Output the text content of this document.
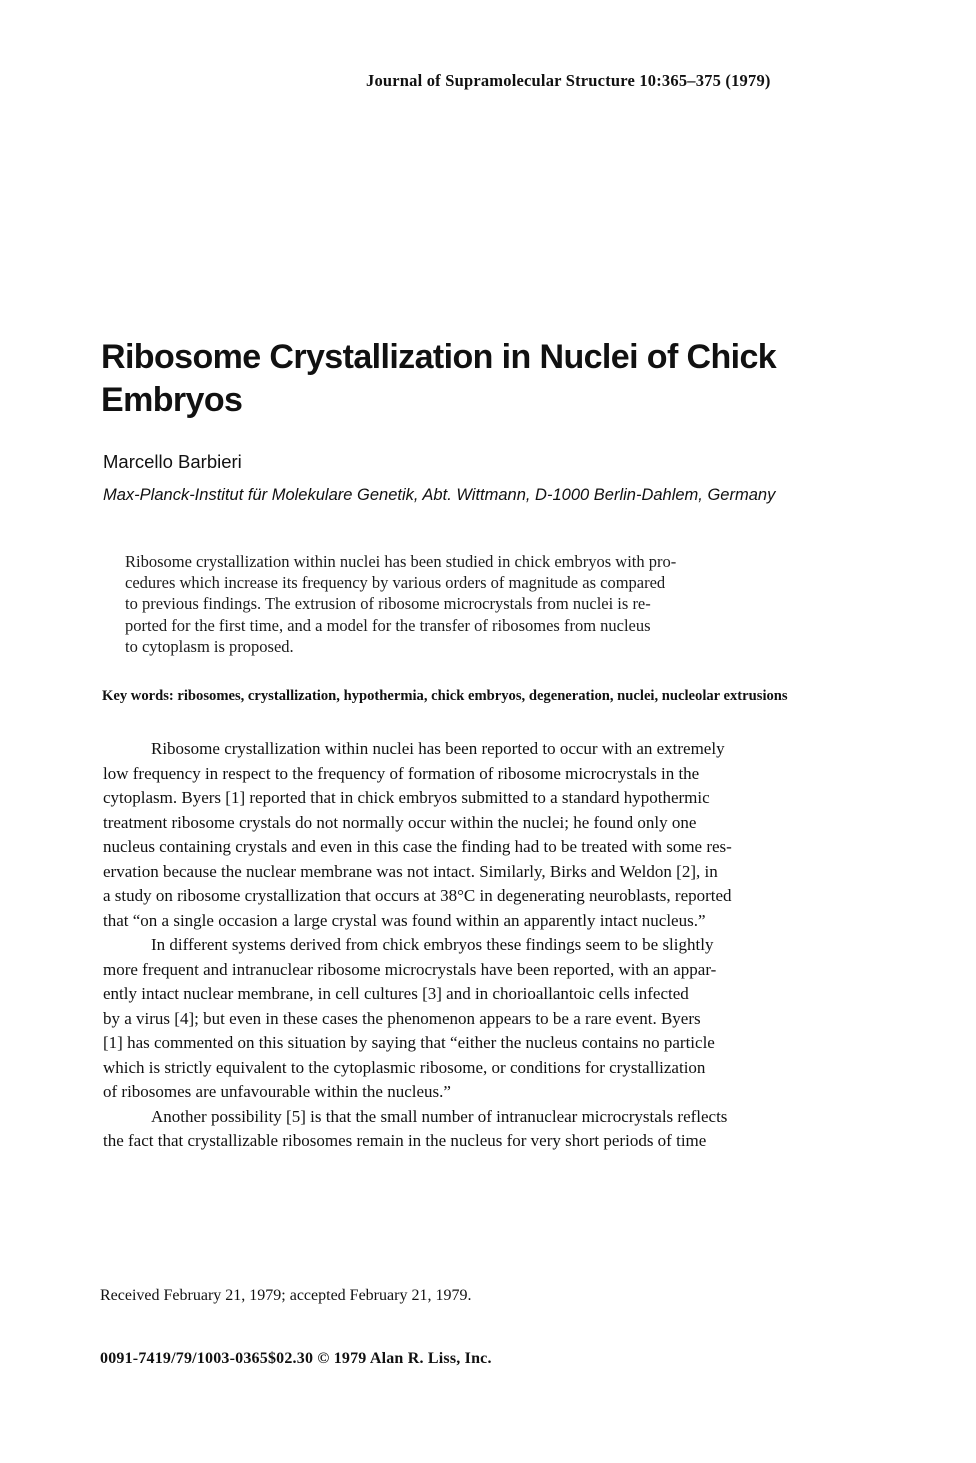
Journal of Supramolecular Structure 10:365–375 (1979)
Ribosome Crystallization in Nuclei of Chick Embryos
Marcello Barbieri
Max-Planck-Institut für Molekulare Genetik, Abt. Wittmann, D-1000 Berlin-Dahlem, Germany
Ribosome crystallization within nuclei has been studied in chick embryos with pro-
cedures which increase its frequency by various orders of magnitude as compared
to previous findings. The extrusion of ribosome microcrystals from nuclei is re-
ported for the first time, and a model for the transfer of ribosomes from nucleus
to cytoplasm is proposed.
Key words: ribosomes, crystallization, hypothermia, chick embryos, degeneration, nuclei, nucleolar extrusions
Ribosome crystallization within nuclei has been reported to occur with an extremely
low frequency in respect to the frequency of formation of ribosome microcrystals in the
cytoplasm. Byers [1] reported that in chick embryos submitted to a standard hypothermic
treatment ribosome crystals do not normally occur within the nuclei; he found only one
nucleus containing crystals and even in this case the finding had to be treated with some res-
ervation because the nuclear membrane was not intact. Similarly, Birks and Weldon [2], in
a study on ribosome crystallization that occurs at 38°C in degenerating neuroblasts, reported
that “on a single occasion a large crystal was found within an apparently intact nucleus.”
In different systems derived from chick embryos these findings seem to be slightly
more frequent and intranuclear ribosome microcrystals have been reported, with an appar-
ently intact nuclear membrane, in cell cultures [3] and in chorioallantoic cells infected
by a virus [4]; but even in these cases the phenomenon appears to be a rare event. Byers
[1] has commented on this situation by saying that “either the nucleus contains no particle
which is strictly equivalent to the cytoplasmic ribosome, or conditions for crystallization
of ribosomes are unfavourable within the nucleus.”
Another possibility [5] is that the small number of intranuclear microcrystals reflects
the fact that crystallizable ribosomes remain in the nucleus for very short periods of time
Received February 21, 1979; accepted February 21, 1979.
0091-7419/79/1003-0365$02.30 © 1979 Alan R. Liss, Inc.
